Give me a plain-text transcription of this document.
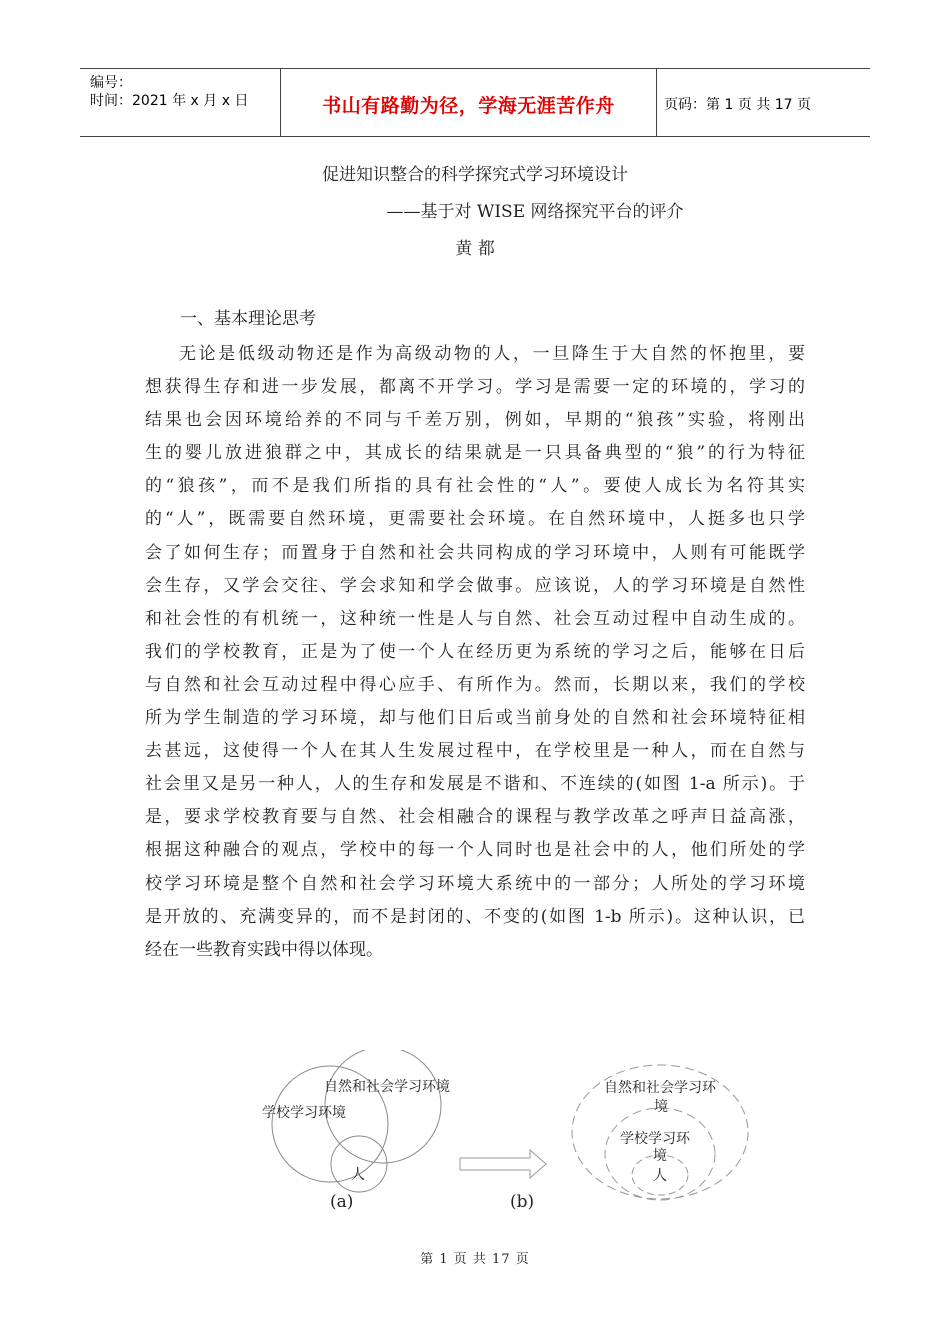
编号：
时间：2021 年 x 月 x 日	书山有路勤为径，学海无涯苦作舟	页码：第 1 页 共 17 页
促进知识整合的科学探究式学习环境设计
——基于对 WISE 网络探究平台的评介
黄 都
一、基本理论思考
无论是低级动物还是作为高级动物的人，一旦降生于大自然的怀抱里，要
想获得生存和进一步发展，都离不开学习。学习是需要一定的环境的，学习的
结果也会因环境给养的不同与千差万别，例如，早期的“狼孩”实验，将刚出
生的婴儿放进狼群之中，其成长的结果就是一只具备典型的“狼”的行为特征
的“狼孩”，而不是我们所指的具有社会性的“人”。要使人成长为名符其实
的“人”，既需要自然环境，更需要社会环境。在自然环境中，人挺多也只学
会了如何生存；而置身于自然和社会共同构成的学习环境中，人则有可能既学
会生存，又学会交往、学会求知和学会做事。应该说，人的学习环境是自然性
和社会性的有机统一，这种统一性是人与自然、社会互动过程中自动生成的。
我们的学校教育，正是为了使一个人在经历更为系统的学习之后，能够在日后
与自然和社会互动过程中得心应手、有所作为。然而，长期以来，我们的学校
所为学生制造的学习环境，却与他们日后或当前身处的自然和社会环境特征相
去甚远，这使得一个人在其人生发展过程中，在学校里是一种人，而在自然与
社会里又是另一种人，人的生存和发展是不谐和、不连续的(如图 1-a 所示)。于
是，要求学校教育要与自然、社会相融合的课程与教学改革之呼声日益高涨，
根据这种融合的观点，学校中的每一个人同时也是社会中的人，他们所处的学
校学习环境是整个自然和社会学习环境大系统中的一部分；人所处的学习环境
是开放的、充满变异的，而不是封闭的、不变的(如图 1-b 所示)。这种认识，已
经在一些教育实践中得以体现。
自然和社会学习环境
学校学习环境
人
(a)
自然和社会学习环
境
学校学习环
境
人
(b)
第 1 页 共 17 页
